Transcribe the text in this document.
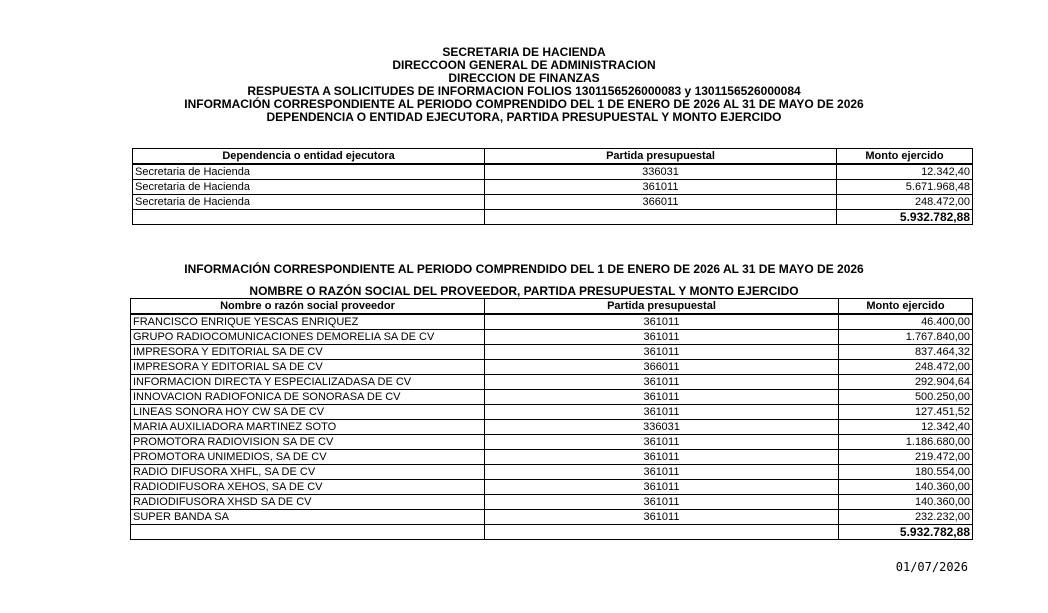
SECRETARIA DE HACIENDA
DIRECCOON GENERAL DE ADMINISTRACION
DIRECCION DE FINANZAS
RESPUESTA A SOLICITUDES DE INFORMACION FOLIOS 1301156526000083 y 1301156526000084
INFORMACIÓN CORRESPONDIENTE AL PERIODO COMPRENDIDO DEL 1 DE ENERO DE 2026 AL 31 DE MAYO DE 2026
DEPENDENCIA O ENTIDAD EJECUTORA, PARTIDA PRESUPUESTAL Y MONTO EJERCIDO
Dependencia o entidad ejecutora	Partida presupuestal	Monto ejercido
Secretaria de Hacienda	336031	12.342,40
Secretaria de Hacienda	361011	5.671.968,48
Secretaria de Hacienda	366011	248.472,00
		5.932.782,88
INFORMACIÓN CORRESPONDIENTE AL PERIODO COMPRENDIDO DEL 1 DE ENERO DE 2026 AL 31 DE MAYO DE 2026
NOMBRE O RAZÓN SOCIAL DEL PROVEEDOR, PARTIDA PRESUPUESTAL Y MONTO EJERCIDO
Nombre o razón social proveedor	Partida presupuestal	Monto ejercido
FRANCISCO ENRIQUE YESCAS ENRIQUEZ	361011	46.400,00
GRUPO RADIOCOMUNICACIONES DEMORELIA SA DE CV	361011	1.767.840,00
IMPRESORA Y EDITORIAL SA DE CV	361011	837.464,32
IMPRESORA Y EDITORIAL SA DE CV	366011	248.472,00
INFORMACION DIRECTA Y ESPECIALIZADASA DE CV	361011	292.904,64
INNOVACION RADIOFONICA DE SONORASA DE CV	361011	500.250,00
LINEAS SONORA HOY CW SA DE CV	361011	127.451,52
MARIA AUXILIADORA MARTINEZ SOTO	336031	12.342,40
PROMOTORA RADIOVISION SA DE CV	361011	1.186.680,00
PROMOTORA UNIMEDIOS, SA DE CV	361011	219.472,00
RADIO DIFUSORA XHFL, SA DE CV	361011	180.554,00
RADIODIFUSORA XEHOS, SA DE CV	361011	140.360,00
RADIODIFUSORA XHSD SA DE CV	361011	140.360,00
SUPER BANDA SA	361011	232.232,00
		5.932.782,88
01/07/2026
